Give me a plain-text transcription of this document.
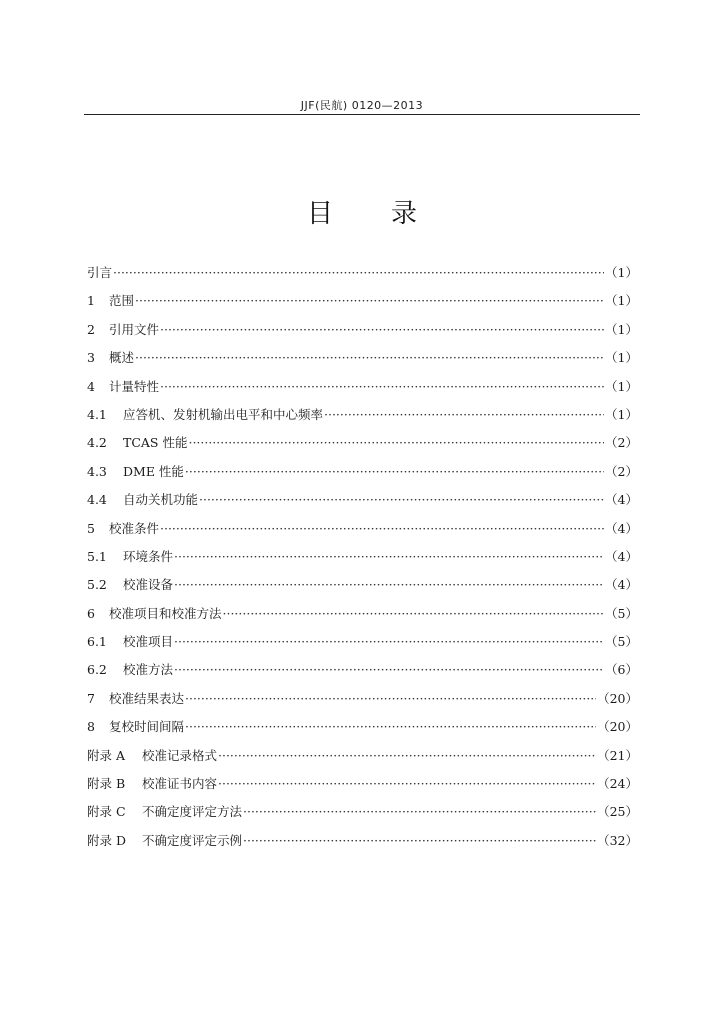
JJF(民航) 0120—2013
目 录
引言 ·····	（1）
1 范围 ·····	（1）
2 引用文件 ·····	（1）
3 概述 ·····	（1）
4 计量特性 ·····	（1）
4.1 应答机、发射机输出电平和中心频率 ·····	（1）
4.2 TCAS 性能 ·····	（2）
4.3 DME 性能 ·····	（2）
4.4 自动关机功能 ·····	（4）
5 校准条件 ·····	（4）
5.1 环境条件 ·····	（4）
5.2 校准设备 ·····	（4）
6 校准项目和校准方法 ·····	（5）
6.1 校准项目 ·····	（5）
6.2 校准方法 ·····	（6）
7 校准结果表达 ·····	（20）
8 复校时间间隔 ·····	（20）
附录 A 校准记录格式 ·····	（21）
附录 B 校准证书内容 ·····	（24）
附录 C 不确定度评定方法 ·····	（25）
附录 D 不确定度评定示例 ·····	（32）
